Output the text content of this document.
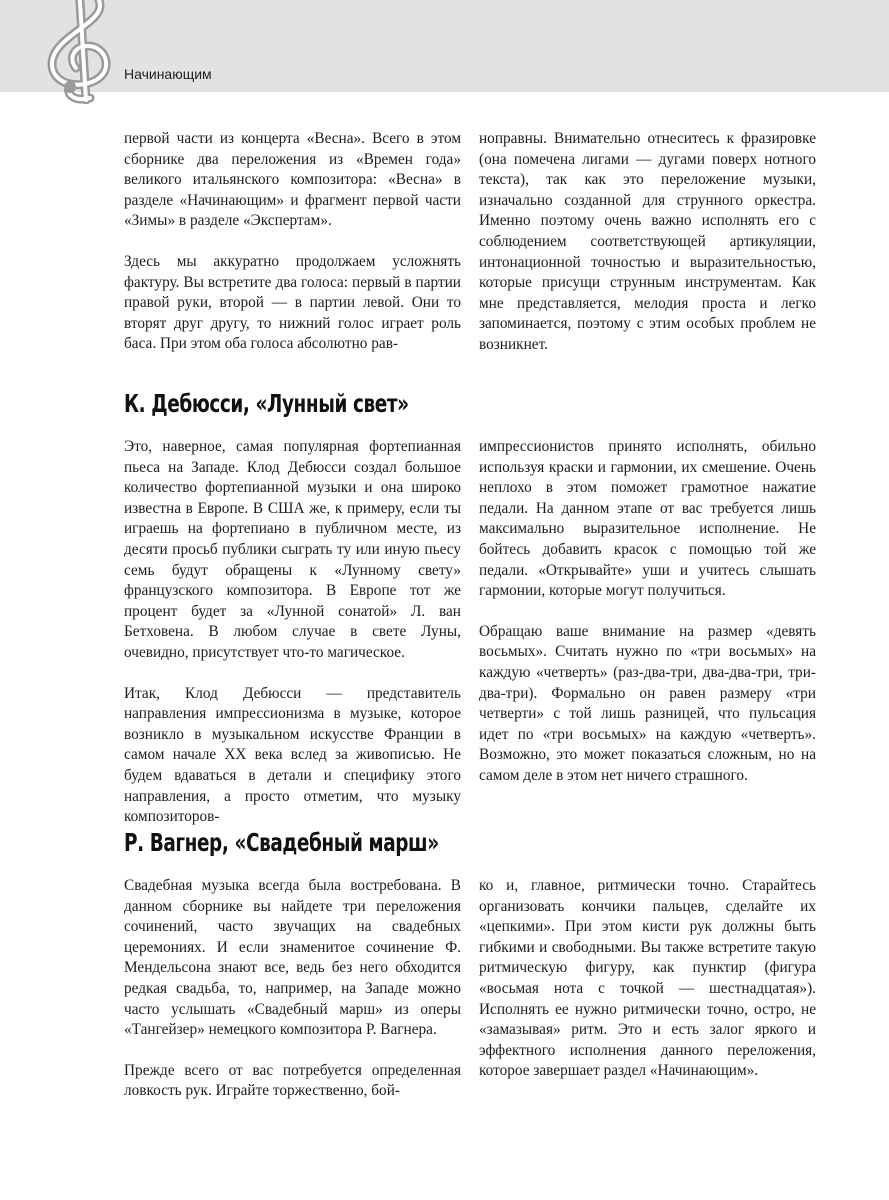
Начинающим

первой части из концерта «Весна». Всего в этом сборнике два переложения из «Времен года» великого итальянского композитора: «Весна» в разделе «Начинающим» и фрагмент первой части «Зимы» в разделе «Экспертам».

Здесь мы аккуратно продолжаем усложнять фактуру. Вы встретите два голоса: первый в партии правой руки, второй — в партии левой. Они то вторят друг другу, то нижний голос играет роль баса. При этом оба голоса абсолютно рав-

ноправны. Внимательно отнеситесь к фразировке (она помечена лигами — дугами поверх нотного текста), так как это переложение музыки, изначально созданной для струнного оркестра. Именно поэтому очень важно исполнять его с соблюдением соответствующей артикуляции, интонационной точностью и выразительностью, которые присущи струнным инструментам. Как мне представляется, мелодия проста и легко запоминается, поэтому с этим особых проблем не возникнет.

К. Дебюсси, «Лунный свет»

Это, наверное, самая популярная фортепианная пьеса на Западе. Клод Дебюсси создал большое количество фортепианной музыки и она широко известна в Европе. В США же, к примеру, если ты играешь на фортепиано в публичном месте, из десяти просьб публики сыграть ту или иную пьесу семь будут обращены к «Лунному свету» французского композитора. В Европе тот же процент будет за «Лунной сонатой» Л. ван Бетховена. В любом случае в свете Луны, очевидно, присутствует что-то магическое.

Итак, Клод Дебюсси — представитель направления импрессионизма в музыке, которое возникло в музыкальном искусстве Франции в самом начале XX века вслед за живописью. Не будем вдаваться в детали и специфику этого направления, а просто отметим, что музыку композиторов-

импрессионистов принято исполнять, обильно используя краски и гармонии, их смешение. Очень неплохо в этом поможет грамотное нажатие педали. На данном этапе от вас требуется лишь максимально выразительное исполнение. Не бойтесь добавить красок с помощью той же педали. «Открывайте» уши и учитесь слышать гармонии, которые могут получиться.

Обращаю ваше внимание на размер «девять восьмых». Считать нужно по «три восьмых» на каждую «четверть» (раз-два-три, два-два-три, три-два-три). Формально он равен размеру «три четверти» с той лишь разницей, что пульсация идет по «три восьмых» на каждую «четверть». Возможно, это может показаться сложным, но на самом деле в этом нет ничего страшного.

Р. Вагнер, «Свадебный марш»

Свадебная музыка всегда была востребована. В данном сборнике вы найдете три переложения сочинений, часто звучащих на свадебных церемониях. И если знаменитое сочинение Ф. Мендельсона знают все, ведь без него обходится редкая свадьба, то, например, на Западе можно часто услышать «Свадебный марш» из оперы «Тангейзер» немецкого композитора Р. Вагнера.

Прежде всего от вас потребуется определенная ловкость рук. Играйте торжественно, бой-

ко и, главное, ритмически точно. Старайтесь организовать кончики пальцев, сделайте их «цепкими». При этом кисти рук должны быть гибкими и свободными. Вы также встретите такую ритмическую фигуру, как пунктир (фигура «восьмая нота с точкой — шестнадцатая»). Исполнять ее нужно ритмически точно, остро, не «замазывая» ритм. Это и есть залог яркого и эффектного исполнения данного переложения, которое завершает раздел «Начинающим».
